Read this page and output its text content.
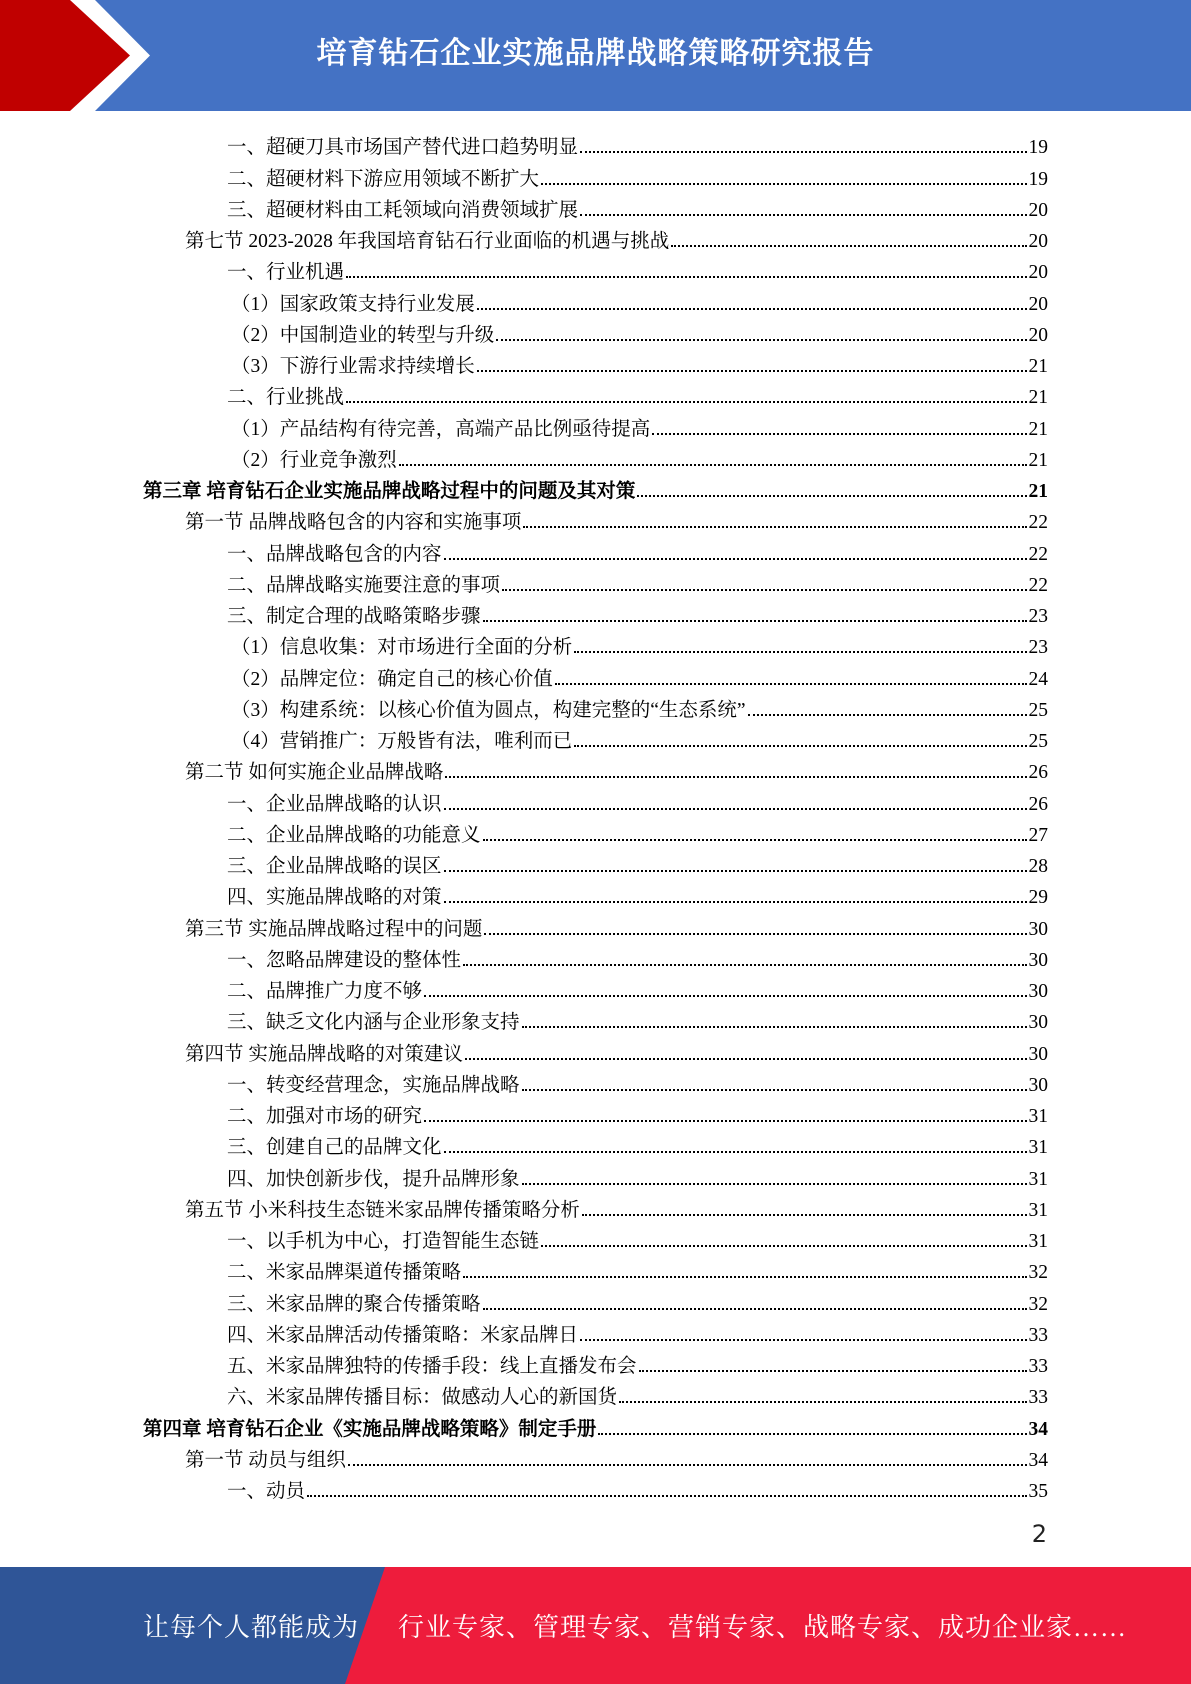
培育钻石企业实施品牌战略策略研究报告
一、超硬刀具市场国产替代进口趋势明显	19
二、超硬材料下游应用领域不断扩大	19
三、超硬材料由工耗领域向消费领域扩展	20
第七节 2023-2028 年我国培育钻石行业面临的机遇与挑战	20
一、行业机遇	20
（1）国家政策支持行业发展	20
（2）中国制造业的转型与升级	20
（3）下游行业需求持续增长	21
二、行业挑战	21
（1）产品结构有待完善，高端产品比例亟待提高	21
（2）行业竞争激烈	21
第三章 培育钻石企业实施品牌战略过程中的问题及其对策	21
第一节 品牌战略包含的内容和实施事项	22
一、品牌战略包含的内容	22
二、品牌战略实施要注意的事项	22
三、制定合理的战略策略步骤	23
（1）信息收集：对市场进行全面的分析	23
（2）品牌定位：确定自己的核心价值	24
（3）构建系统：以核心价值为圆点，构建完整的“生态系统”	25
（4）营销推广：万般皆有法，唯利而已	25
第二节 如何实施企业品牌战略	26
一、企业品牌战略的认识	26
二、企业品牌战略的功能意义	27
三、企业品牌战略的误区	28
四、实施品牌战略的对策	29
第三节 实施品牌战略过程中的问题	30
一、忽略品牌建设的整体性	30
二、品牌推广力度不够	30
三、缺乏文化内涵与企业形象支持	30
第四节 实施品牌战略的对策建议	30
一、转变经营理念，实施品牌战略	30
二、加强对市场的研究	31
三、创建自己的品牌文化	31
四、加快创新步伐，提升品牌形象	31
第五节 小米科技生态链米家品牌传播策略分析	31
一、以手机为中心，打造智能生态链	31
二、米家品牌渠道传播策略	32
三、米家品牌的聚合传播策略	32
四、米家品牌活动传播策略：米家品牌日	33
五、米家品牌独特的传播手段：线上直播发布会	33
六、米家品牌传播目标：做感动人心的新国货	33
第四章 培育钻石企业《实施品牌战略策略》制定手册	34
第一节 动员与组织	34
一、动员	35
2
让每个人都能成为 行业专家、管理专家、营销专家、战略专家、成功企业家……
